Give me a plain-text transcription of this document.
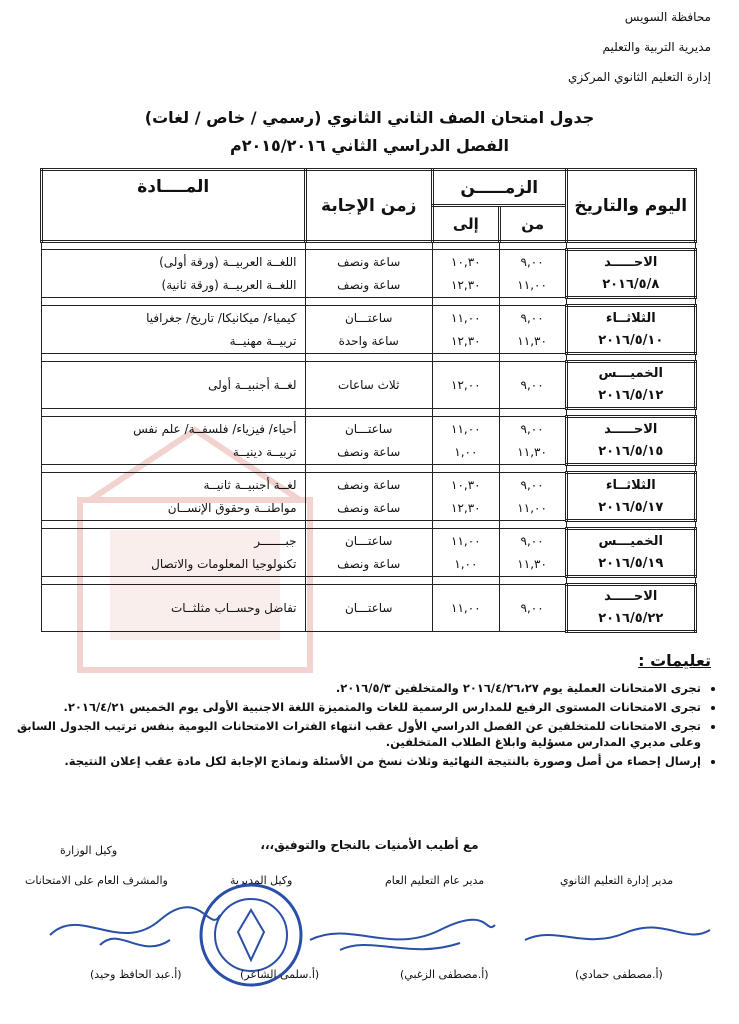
محافظة السويس
مديرية التربية والتعليم
إدارة التعليم الثانوي المركزي
جدول امتحان الصف الثاني الثانوي (رسمي / خاص / لغات)
الفصل الدراسي الثاني ٢٠١٥/٢٠١٦م
اليوم والتاريخ	الزمـــــن		زمن الإجابة	المــــادة
	من	إلى		

الاحـــــد
٢٠١٦/٥/٨	٩,٠٠	١٠,٣٠	ساعة ونصف	اللغــة العربيــة (ورقة أولى)
	١١,٠٠	١٢,٣٠	ساعة ونصف	اللغــة العربيــة (ورقة ثانية)

الثلاثــاء
٢٠١٦/٥/١٠	٩,٠٠	١١,٠٠	ساعتـــان	كيمياء/ ميكانيكا/ تاريخ/ جغرافيا
	١١,٣٠	١٢,٣٠	ساعة واحدة	تربيــة مهنيــة

الخميـــس
٢٠١٦/٥/١٢	٩,٠٠	١٢,٠٠	ثلاث ساعات	لغــة أجنبيــة أولى

الاحـــــد
٢٠١٦/٥/١٥	٩,٠٠	١١,٠٠	ساعتـــان	أحياء/ فيزياء/ فلسفــة/ علم نفس
	١١,٣٠	١,٠٠	ساعة ونصف	تربيــة دينيــة

الثلاثــاء
٢٠١٦/٥/١٧	٩,٠٠	١٠,٣٠	ساعة ونصف	لغــة أجنبيــة ثانيــة
	١١,٠٠	١٢,٣٠	ساعة ونصف	مواطنــة وحقوق الإنســان

الخميـــس
٢٠١٦/٥/١٩	٩,٠٠	١١,٠٠	ساعتـــان	جبـــــــر
	١١,٣٠	١,٠٠	ساعة ونصف	تكنولوجيا المعلومات والاتصال

الاحـــــد
٢٠١٦/٥/٢٢	٩,٠٠	١١,٠٠	ساعتـــان	تفاضل وحســاب مثلثــات
تعليمات :
• تجرى الامتحانات العملية يوم ٢٠١٦/٤/٢٦،٢٧ والمتخلفين ٢٠١٦/٥/٣.
• تجرى الامتحانات المستوى الرفيع للمدارس الرسمية للغات والمتميزة اللغة الاجنبية الأولى يوم الخميس ٢٠١٦/٤/٢١.
• تجرى الامتحانات للمتخلفين عن الفصل الدراسي الأول عقب انتهاء الفترات الامتحانات اليومية بنفس ترتيب الجدول السابق وعلى مديري المدارس مسؤلية وابلاغ الطلاب المتخلفين.
• إرسال إحصاء من أصل وصورة بالنتيجة النهائية وثلاث نسخ من الأسئلة ونماذج الإجابة لكل مادة عقب إعلان النتيجة.
مع أطيب الأمنيات بالنجاح والتوفيق،،،
وكيل الوزارة
والمشرف العام على الامتحانات	وكيل المديرية	مدير عام التعليم العام	مدير إدارة التعليم الثانوي
(أ.عبد الحافظ وحيد)	(أ.سلمى الشاعر)	(أ.مصطفى الزغبي)	(أ.مصطفى حمادي)
